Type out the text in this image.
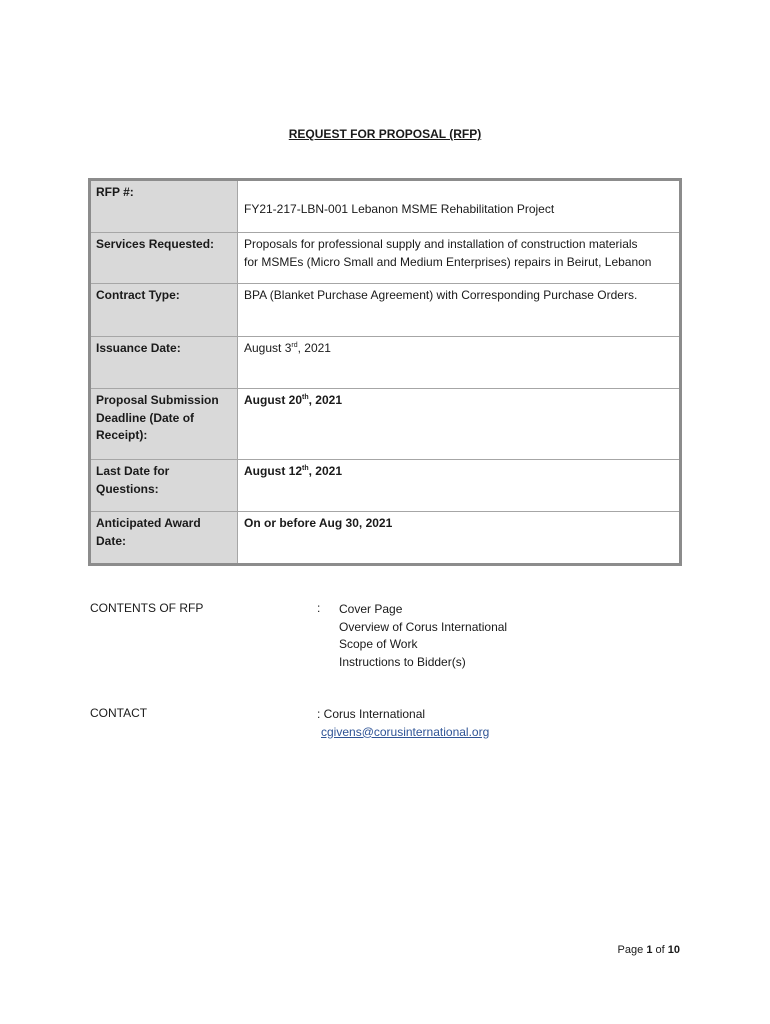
REQUEST FOR PROPOSAL (RFP)
RFP #:	FY21-217-LBN-001 Lebanon MSME Rehabilitation Project

Services Requested:	Proposals for professional supply and installation of construction materials
for MSMEs (Micro Small and Medium Enterprises) repairs in Beirut, Lebanon

Contract Type:	BPA (Blanket Purchase Agreement) with Corresponding Purchase Orders.

Issuance Date:	August 3rd, 2021

Proposal Submission
Deadline (Date of
Receipt):	August 20th, 2021

Last Date for
Questions:	August 12th, 2021

Anticipated Award
Date:	On or before Aug 30, 2021
CONTENTS OF RFP	: Cover Page
Overview of Corus International
Scope of Work
Instructions to Bidder(s)
CONTACT	: Corus International
cgivens@corusinternational.org
Page 1 of 10
